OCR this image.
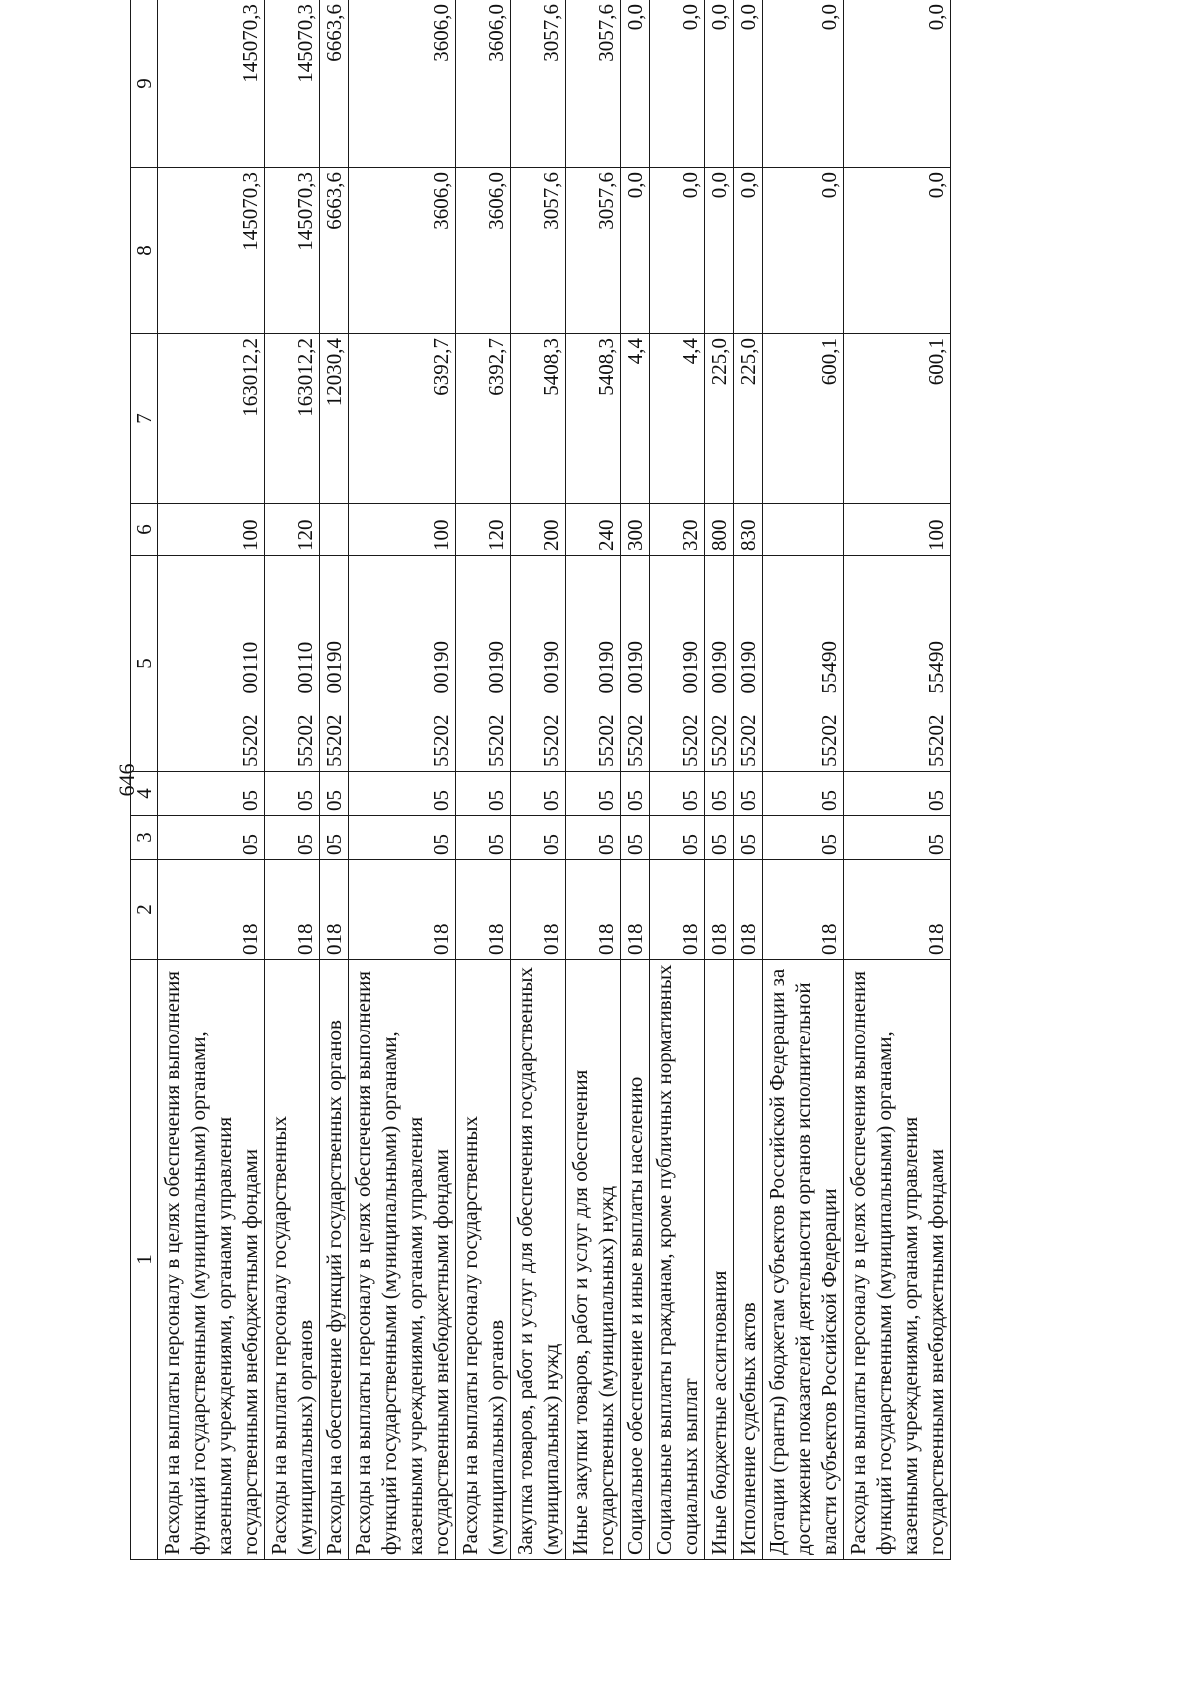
646
1	2	3	4	5	6	7	8	9
Расходы на выплаты персоналу в целях обеспечения выполнения функций государственными (муниципальными) органами, казенными учреждениями, органами управления государственными внебюджетными фондами	018	05	05	55202    00110	100	163012,2	145070,3	145070,3
Расходы на выплаты персоналу государственных (муниципальных) органов	018	05	05	55202    00110	120	163012,2	145070,3	145070,3
Расходы на обеспечение функций государственных органов	018	05	05	55202    00190		12030,4	6663,6	6663,6
Расходы на выплаты персоналу в целях обеспечения выполнения функций государственными (муниципальными) органами, казенными учреждениями, органами управления государственными внебюджетными фондами	018	05	05	55202    00190	100	6392,7	3606,0	3606,0
Расходы на выплаты персоналу государственных (муниципальных) органов	018	05	05	55202    00190	120	6392,7	3606,0	3606,0
Закупка товаров, работ и услуг для обеспечения государственных (муниципальных) нужд	018	05	05	55202    00190	200	5408,3	3057,6	3057,6
Иные закупки товаров, работ и услуг для обеспечения государственных (муниципальных) нужд	018	05	05	55202    00190	240	5408,3	3057,6	3057,6
Социальное обеспечение и иные выплаты населению	018	05	05	55202    00190	300	4,4	0,0	0,0
Социальные выплаты гражданам, кроме публичных нормативных социальных выплат	018	05	05	55202    00190	320	4,4	0,0	0,0
Иные бюджетные ассигнования	018	05	05	55202    00190	800	225,0	0,0	0,0
Исполнение судебных актов	018	05	05	55202    00190	830	225,0	0,0	0,0
Дотации (гранты) бюджетам субъектов Российской Федерации за достижение показателей деятельности органов исполнительной власти субъектов Российской Федерации	018	05	05	55202    55490		600,1	0,0	0,0
Расходы на выплаты персоналу в целях обеспечения выполнения функций государственными (муниципальными) органами, казенными учреждениями, органами управления государственными внебюджетными фондами	018	05	05	55202    55490	100	600,1	0,0	0,0
